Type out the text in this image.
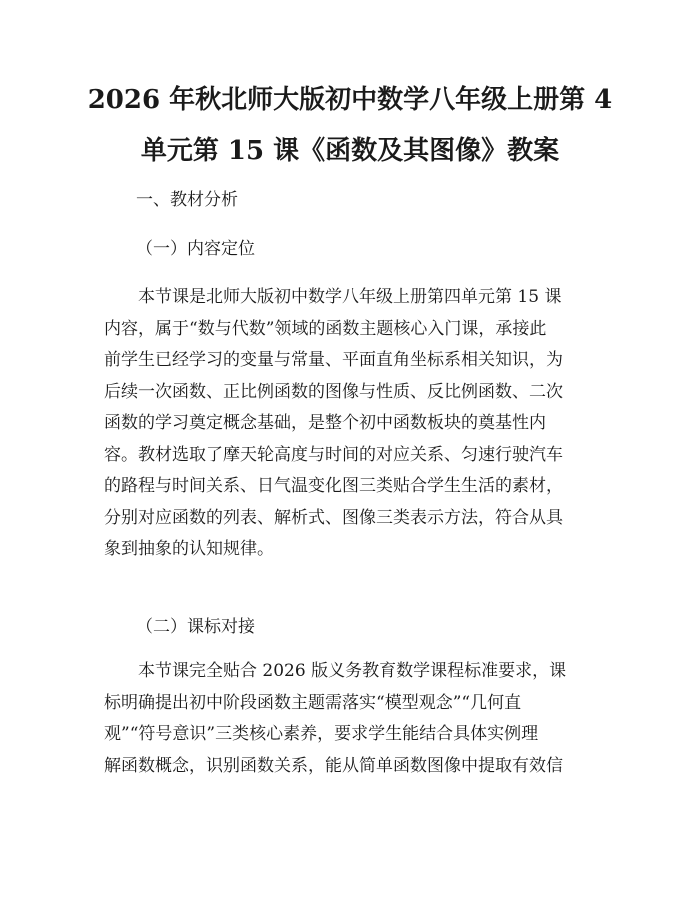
2026 年秋北师大版初中数学八年级上册第 4
单元第 15 课《函数及其图像》教案
一、教材分析
（一）内容定位
本节课是北师大版初中数学八年级上册第四单元第 15 课
内容，属于“数与代数”领域的函数主题核心入门课，承接此
前学生已经学习的变量与常量、平面直角坐标系相关知识，为
后续一次函数、正比例函数的图像与性质、反比例函数、二次
函数的学习奠定概念基础，是整个初中函数板块的奠基性内
容。教材选取了摩天轮高度与时间的对应关系、匀速行驶汽车
的路程与时间关系、日气温变化图三类贴合学生生活的素材，
分别对应函数的列表、解析式、图像三类表示方法，符合从具
象到抽象的认知规律。
（二）课标对接
本节课完全贴合 2026 版义务教育数学课程标准要求，课
标明确提出初中阶段函数主题需落实“模型观念”“几何直
观”“符号意识”三类核心素养，要求学生能结合具体实例理
解函数概念，识别函数关系，能从简单函数图像中提取有效信
